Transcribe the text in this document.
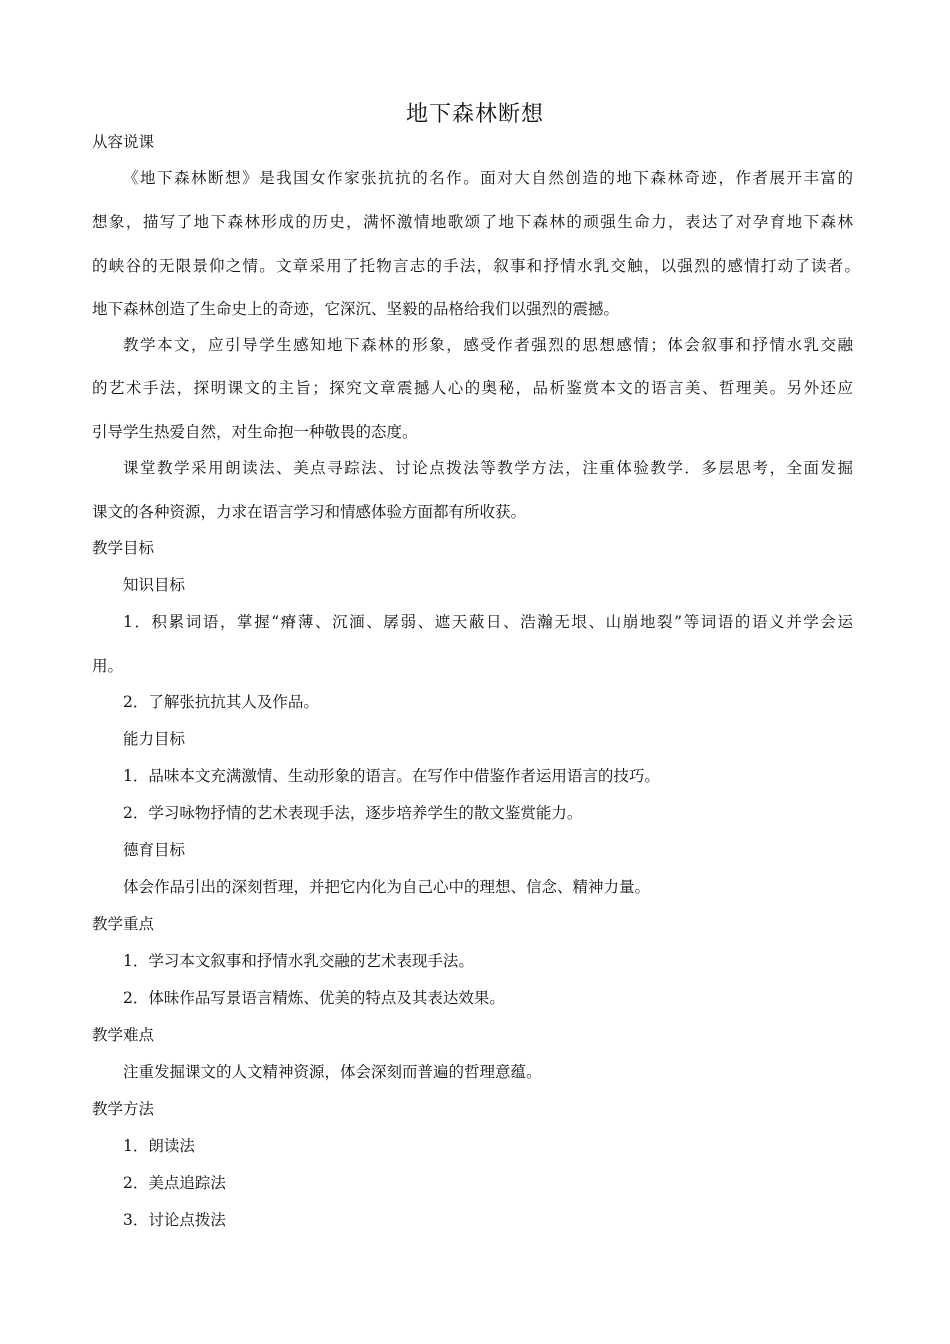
地下森林断想
从容说课
《地下森林断想》是我国女作家张抗抗的名作。面对大自然创造的地下森林奇迹，作者展开丰富的
想象，描写了地下森林形成的历史，满怀激情地歌颂了地下森林的顽强生命力，表达了对孕育地下森林
的峡谷的无限景仰之情。文章采用了托物言志的手法，叙事和抒情水乳交触，以强烈的感情打动了读者。
地下森林创造了生命史上的奇迹，它深沉、坚毅的品格给我们以强烈的震撼。
教学本文，应引导学生感知地下森林的形象，感受作者强烈的思想感情；体会叙事和抒情水乳交融
的艺术手法，探明课文的主旨；探究文章震撼人心的奥秘，品析鉴赏本文的语言美、哲理美。另外还应
引导学生热爱自然，对生命抱一种敬畏的态度。
课堂教学采用朗读法、美点寻踪法、讨论点拨法等教学方法，注重体验教学．多层思考，全面发掘
课文的各种资源，力求在语言学习和情感体验方面都有所收获。
教学目标
知识目标
1．积累词语，掌握“瘠薄、沉湎、孱弱、遮天蔽日、浩瀚无垠、山崩地裂”等词语的语义并学会运
用。
2．了解张抗抗其人及作品。
能力目标
1．品味本文充满激情、生动形象的语言。在写作中借鉴作者运用语言的技巧。
2．学习咏物抒情的艺术表现手法，逐步培养学生的散文鉴赏能力。
德育目标
体会作品引出的深刻哲理，并把它内化为自己心中的理想、信念、精神力量。
教学重点
1．学习本文叙事和抒情水乳交融的艺术表现手法。
2．体昧作品写景语言精炼、优美的特点及其表达效果。
教学难点
注重发掘课文的人文精神资源，体会深刻而普遍的哲理意蕴。
教学方法
1．朗读法
2．美点追踪法
3．讨论点拨法
